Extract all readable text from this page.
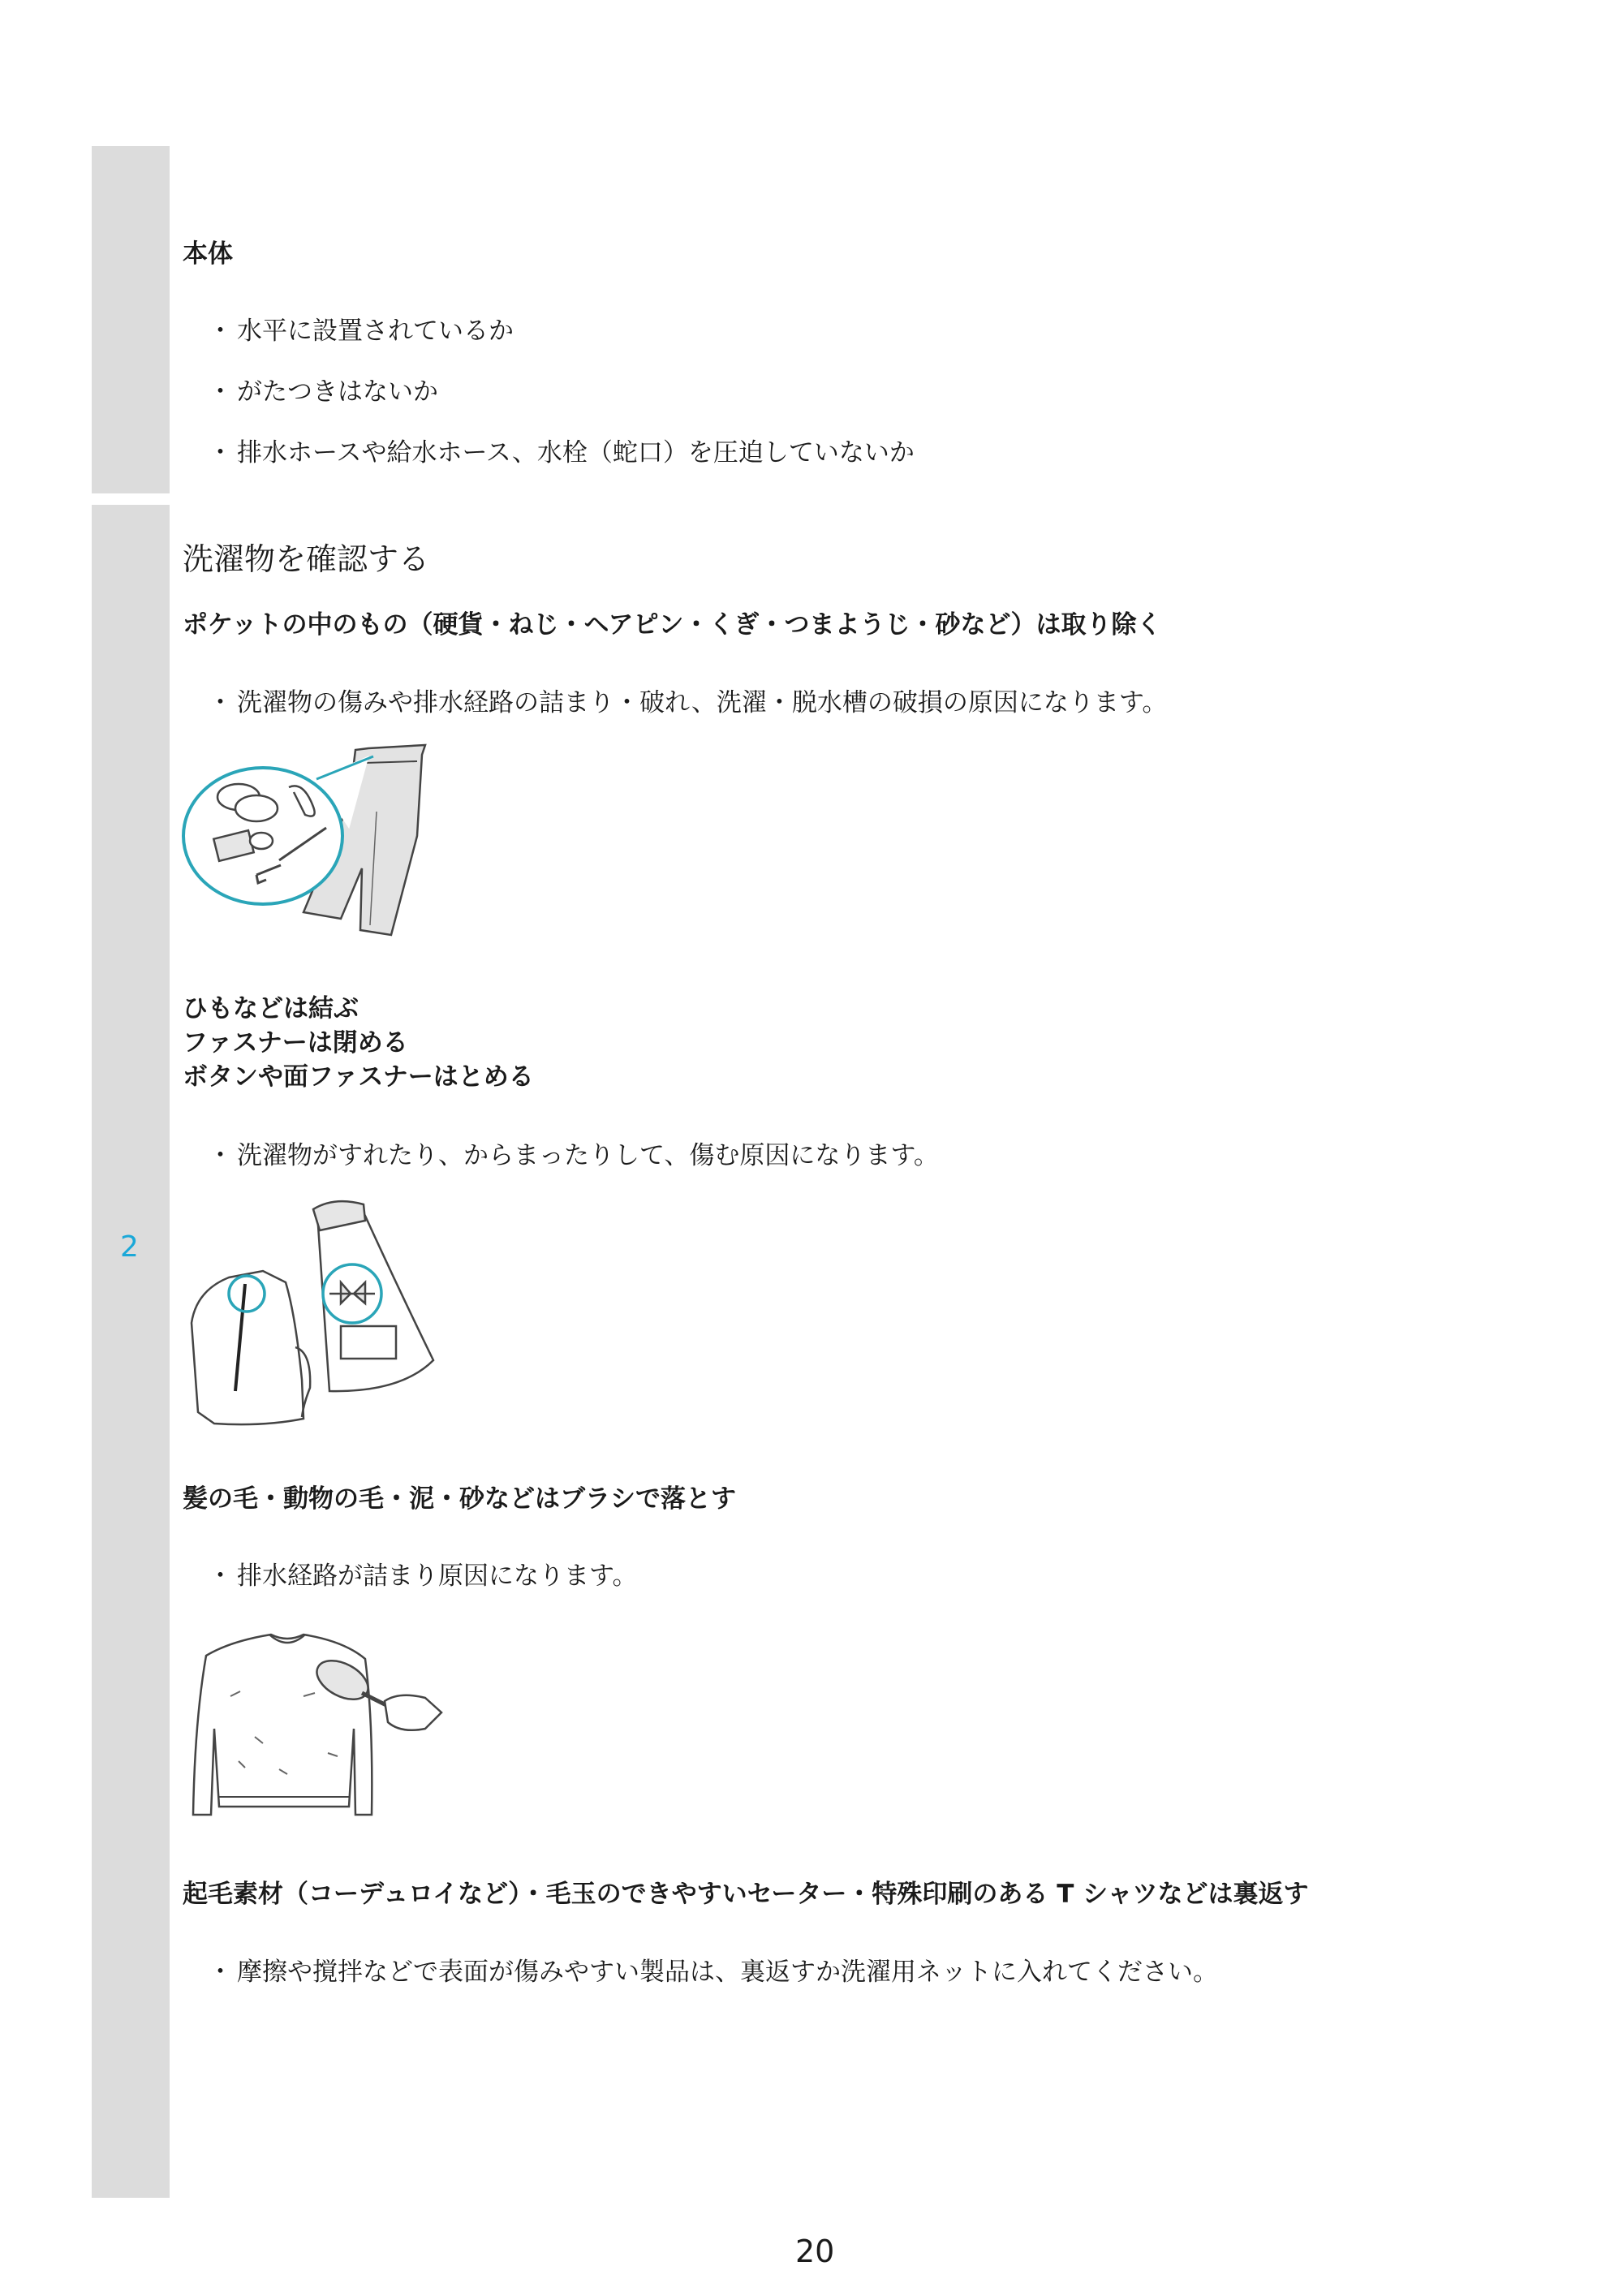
2
本体
・ 水平に設置されているか
・ がたつきはないか
・ 排水ホースや給水ホース、水栓（蛇口）を圧迫していないか
洗濯物を確認する
ポケットの中のもの（硬貨・ねじ・ヘアピン・くぎ・つまようじ・砂など）は取り除く
・ 洗濯物の傷みや排水経路の詰まり・破れ、洗濯・脱水槽の破損の原因になります。
ひもなどは結ぶ
ファスナーは閉める
ボタンや面ファスナーはとめる
・ 洗濯物がすれたり、からまったりして、傷む原因になります。
髪の毛・動物の毛・泥・砂などはブラシで落とす
・ 排水経路が詰まり原因になります。
起毛素材（コーデュロイなど）・毛玉のできやすいセーター・特殊印刷のある T シャツなどは裏返す
・ 摩擦や撹拌などで表面が傷みやすい製品は、裏返すか洗濯用ネットに入れてください。
20
